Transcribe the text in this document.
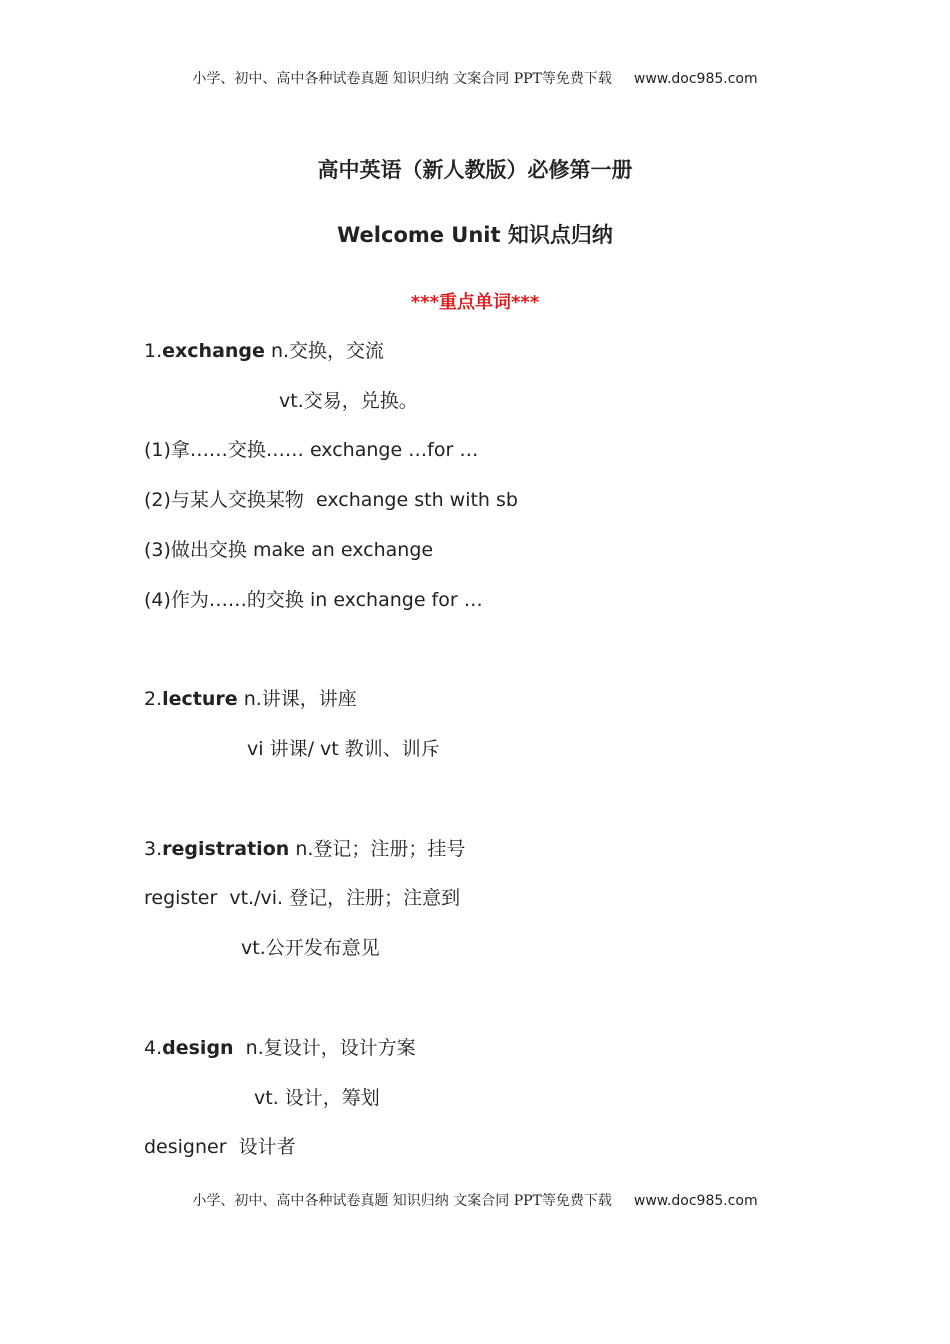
小学、初中、高中各种试卷真题 知识归纳 文案合同 PPT等免费下载 www.doc985.com
高中英语（新人教版）必修第一册
Welcome Unit 知识点归纳
***重点单词***
1.exchange n.交换，交流
vt.交易，兑换。
(1)拿……交换…… exchange …for …
(2)与某人交换某物  exchange sth with sb
(3)做出交换 make an exchange
(4)作为……的交换 in exchange for …
2.lecture n.讲课，讲座
vi 讲课/ vt 教训、训斥
3.registration n.登记；注册；挂号
register  vt./vi. 登记，注册；注意到
vt.公开发布意见
4.design  n.复设计，设计方案
vt. 设计，筹划
designer  设计者
小学、初中、高中各种试卷真题 知识归纳 文案合同 PPT等免费下载 www.doc985.com
